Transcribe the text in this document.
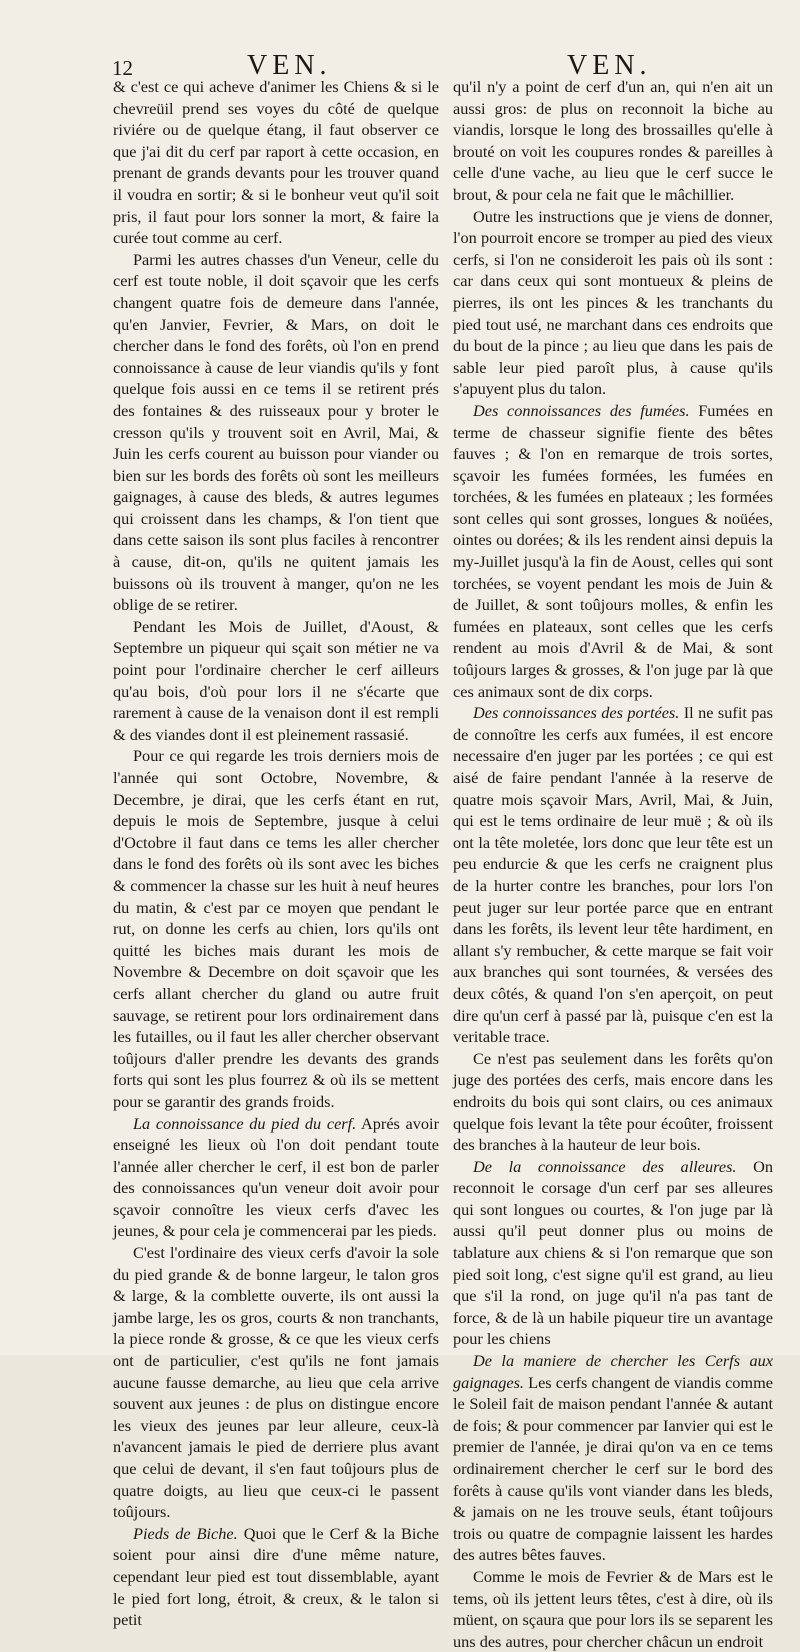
12	VEN.	VEN.

& c'est ce qui acheve d'animer les Chiens & si le chevreüil prend ses voyes du côté de quelque riviére ou de quelque étang, il faut observer ce que j'ai dit du cerf par raport à cette occasion, en prenant de grands devants pour les trouver quand il voudra en sortir; & si le bonheur veut qu'il soit pris, il faut pour lors sonner la mort, & faire la curée tout comme au cerf.

Parmi les autres chasses d'un Veneur, celle du cerf est toute noble, il doit sçavoir que les cerfs changent quatre fois de demeure dans l'année, qu'en Janvier, Fevrier, & Mars, on doit le chercher dans le fond des forêts, où l'on en prend connoissance à cause de leur viandis qu'ils y font quelque fois aussi en ce tems il se retirent prés des fontaines & des ruisseaux pour y broter le cresson qu'ils y trouvent soit en Avril, Mai, & Juin les cerfs courent au buisson pour viander ou bien sur les bords des forêts où sont les meilleurs gaignages, à cause des bleds, & autres legumes qui croissent dans les champs, & l'on tient que dans cette saison ils sont plus faciles à rencontrer à cause, dit-on, qu'ils ne quitent jamais les buissons où ils trouvent à manger, qu'on ne les oblige de se retirer.

Pendant les Mois de Juillet, d'Aoust, & Septembre un piqueur qui sçait son métier ne va point pour l'ordinaire chercher le cerf ailleurs qu'au bois, d'où pour lors il ne s'écarte que rarement à cause de la venaison dont il est rempli & des viandes dont il est pleinement rassasié.

Pour ce qui regarde les trois derniers mois de l'année qui sont Octobre, Novembre, & Decembre, je dirai, que les cerfs étant en rut, depuis le mois de Septembre, jusque à celui d'Octobre il faut dans ce tems les aller chercher dans le fond des forêts où ils sont avec les biches & commencer la chasse sur les huit à neuf heures du matin, & c'est par ce moyen que pendant le rut, on donne les cerfs au chien, lors qu'ils ont quitté les biches mais durant les mois de Novembre & Decembre on doit sçavoir que les cerfs allant chercher du gland ou autre fruit sauvage, se retirent pour lors ordinairement dans les futailles, ou il faut les aller chercher observant toûjours d'aller prendre les devants des grands forts qui sont les plus fourrez & où ils se mettent pour se garantir des grands froids.

La connoissance du pied du cerf. Aprés avoir enseigné les lieux où l'on doit pendant toute l'année aller chercher le cerf, il est bon de parler des connoissances qu'un veneur doit avoir pour sçavoir connoître les vieux cerfs d'avec les jeunes, & pour cela je commencerai par les pieds.

C'est l'ordinaire des vieux cerfs d'avoir la sole du pied grande & de bonne largeur, le talon gros & large, & la comblette ouverte, ils ont aussi la jambe large, les os gros, courts & non tranchants, la piece ronde & grosse, & ce que les vieux cerfs ont de particulier, c'est qu'ils ne font jamais aucune fausse demarche, au lieu que cela arrive souvent aux jeunes : de plus on distingue encore les vieux des jeunes par leur alleure, ceux-là n'avancent jamais le pied de derriere plus avant que celui de devant, il s'en faut toûjours plus de quatre doigts, au lieu que ceux-ci le passent toûjours.

Pieds de Biche. Quoi que le Cerf & la Biche soient pour ainsi dire d'une même nature, cependant leur pied est tout dissemblable, ayant le pied fort long, étroit, & creux, & le talon si petit

qu'il n'y a point de cerf d'un an, qui n'en ait un aussi gros: de plus on reconnoit la biche au viandis, lorsque le long des brossailles qu'elle à brouté on voit les coupures rondes & pareilles à celle d'une vache, au lieu que le cerf succe le brout, & pour cela ne fait que le mâchillier.

Outre les instructions que je viens de donner, l'on pourroit encore se tromper au pied des vieux cerfs, si l'on ne consideroit les pais où ils sont : car dans ceux qui sont montueux & pleins de pierres, ils ont les pinces & les tranchants du pied tout usé, ne marchant dans ces endroits que du bout de la pince ; au lieu que dans les pais de sable leur pied paroît plus, à cause qu'ils s'apuyent plus du talon.

Des connoissances des fumées. Fumées en terme de chasseur signifie fiente des bêtes fauves ; & l'on en remarque de trois sortes, sçavoir les fumées formées, les fumées en torchées, & les fumées en plateaux ; les formées sont celles qui sont grosses, longues & noüées, ointes ou dorées; & ils les rendent ainsi depuis la my-Juillet jusqu'à la fin de Aoust, celles qui sont torchées, se voyent pendant les mois de Juin & de Juillet, & sont toûjours molles, & enfin les fumées en plateaux, sont celles que les cerfs rendent au mois d'Avril & de Mai, & sont toûjours larges & grosses, & l'on juge par là que ces animaux sont de dix corps.

Des connoissances des portées. Il ne sufit pas de connoître les cerfs aux fumées, il est encore necessaire d'en juger par les portées ; ce qui est aisé de faire pendant l'année à la reserve de quatre mois sçavoir Mars, Avril, Mai, & Juin, qui est le tems ordinaire de leur muë ; & où ils ont la tête moletée, lors donc que leur tête est un peu endurcie & que les cerfs ne craignent plus de la hurter contre les branches, pour lors l'on peut juger sur leur portée parce que en entrant dans les forêts, ils levent leur tête hardiment, en allant s'y rembucher, & cette marque se fait voir aux branches qui sont tournées, & versées des deux côtés, & quand l'on s'en aperçoit, on peut dire qu'un cerf à passé par là, puisque c'en est la veritable trace.

Ce n'est pas seulement dans les forêts qu'on juge des portées des cerfs, mais encore dans les endroits du bois qui sont clairs, ou ces animaux quelque fois levant la tête pour écoûter, froissent des branches à la hauteur de leur bois.

De la connoissance des alleures. On reconnoit le corsage d'un cerf par ses alleures qui sont longues ou courtes, & l'on juge par là aussi qu'il peut donner plus ou moins de tablature aux chiens & si l'on remarque que son pied soit long, c'est signe qu'il est grand, au lieu que s'il la rond, on juge qu'il n'a pas tant de force, & de là un habile piqueur tire un avantage pour les chiens

De la maniere de chercher les Cerfs aux gaignages. Les cerfs changent de viandis comme le Soleil fait de maison pendant l'année & autant de fois; & pour commencer par Ianvier qui est le premier de l'année, je dirai qu'on va en ce tems ordinairement chercher le cerf sur le bord des forêts à cause qu'ils vont viander dans les bleds, & jamais on ne les trouve seuls, étant toûjours trois ou quatre de compagnie laissent les hardes des autres bêtes fauves.

Comme le mois de Fevrier & de Mars est le tems, où ils jettent leurs têtes, c'est à dire, où ils müent, on sçaura que pour lors ils se separent les uns des autres, pour chercher châcun un endroit
